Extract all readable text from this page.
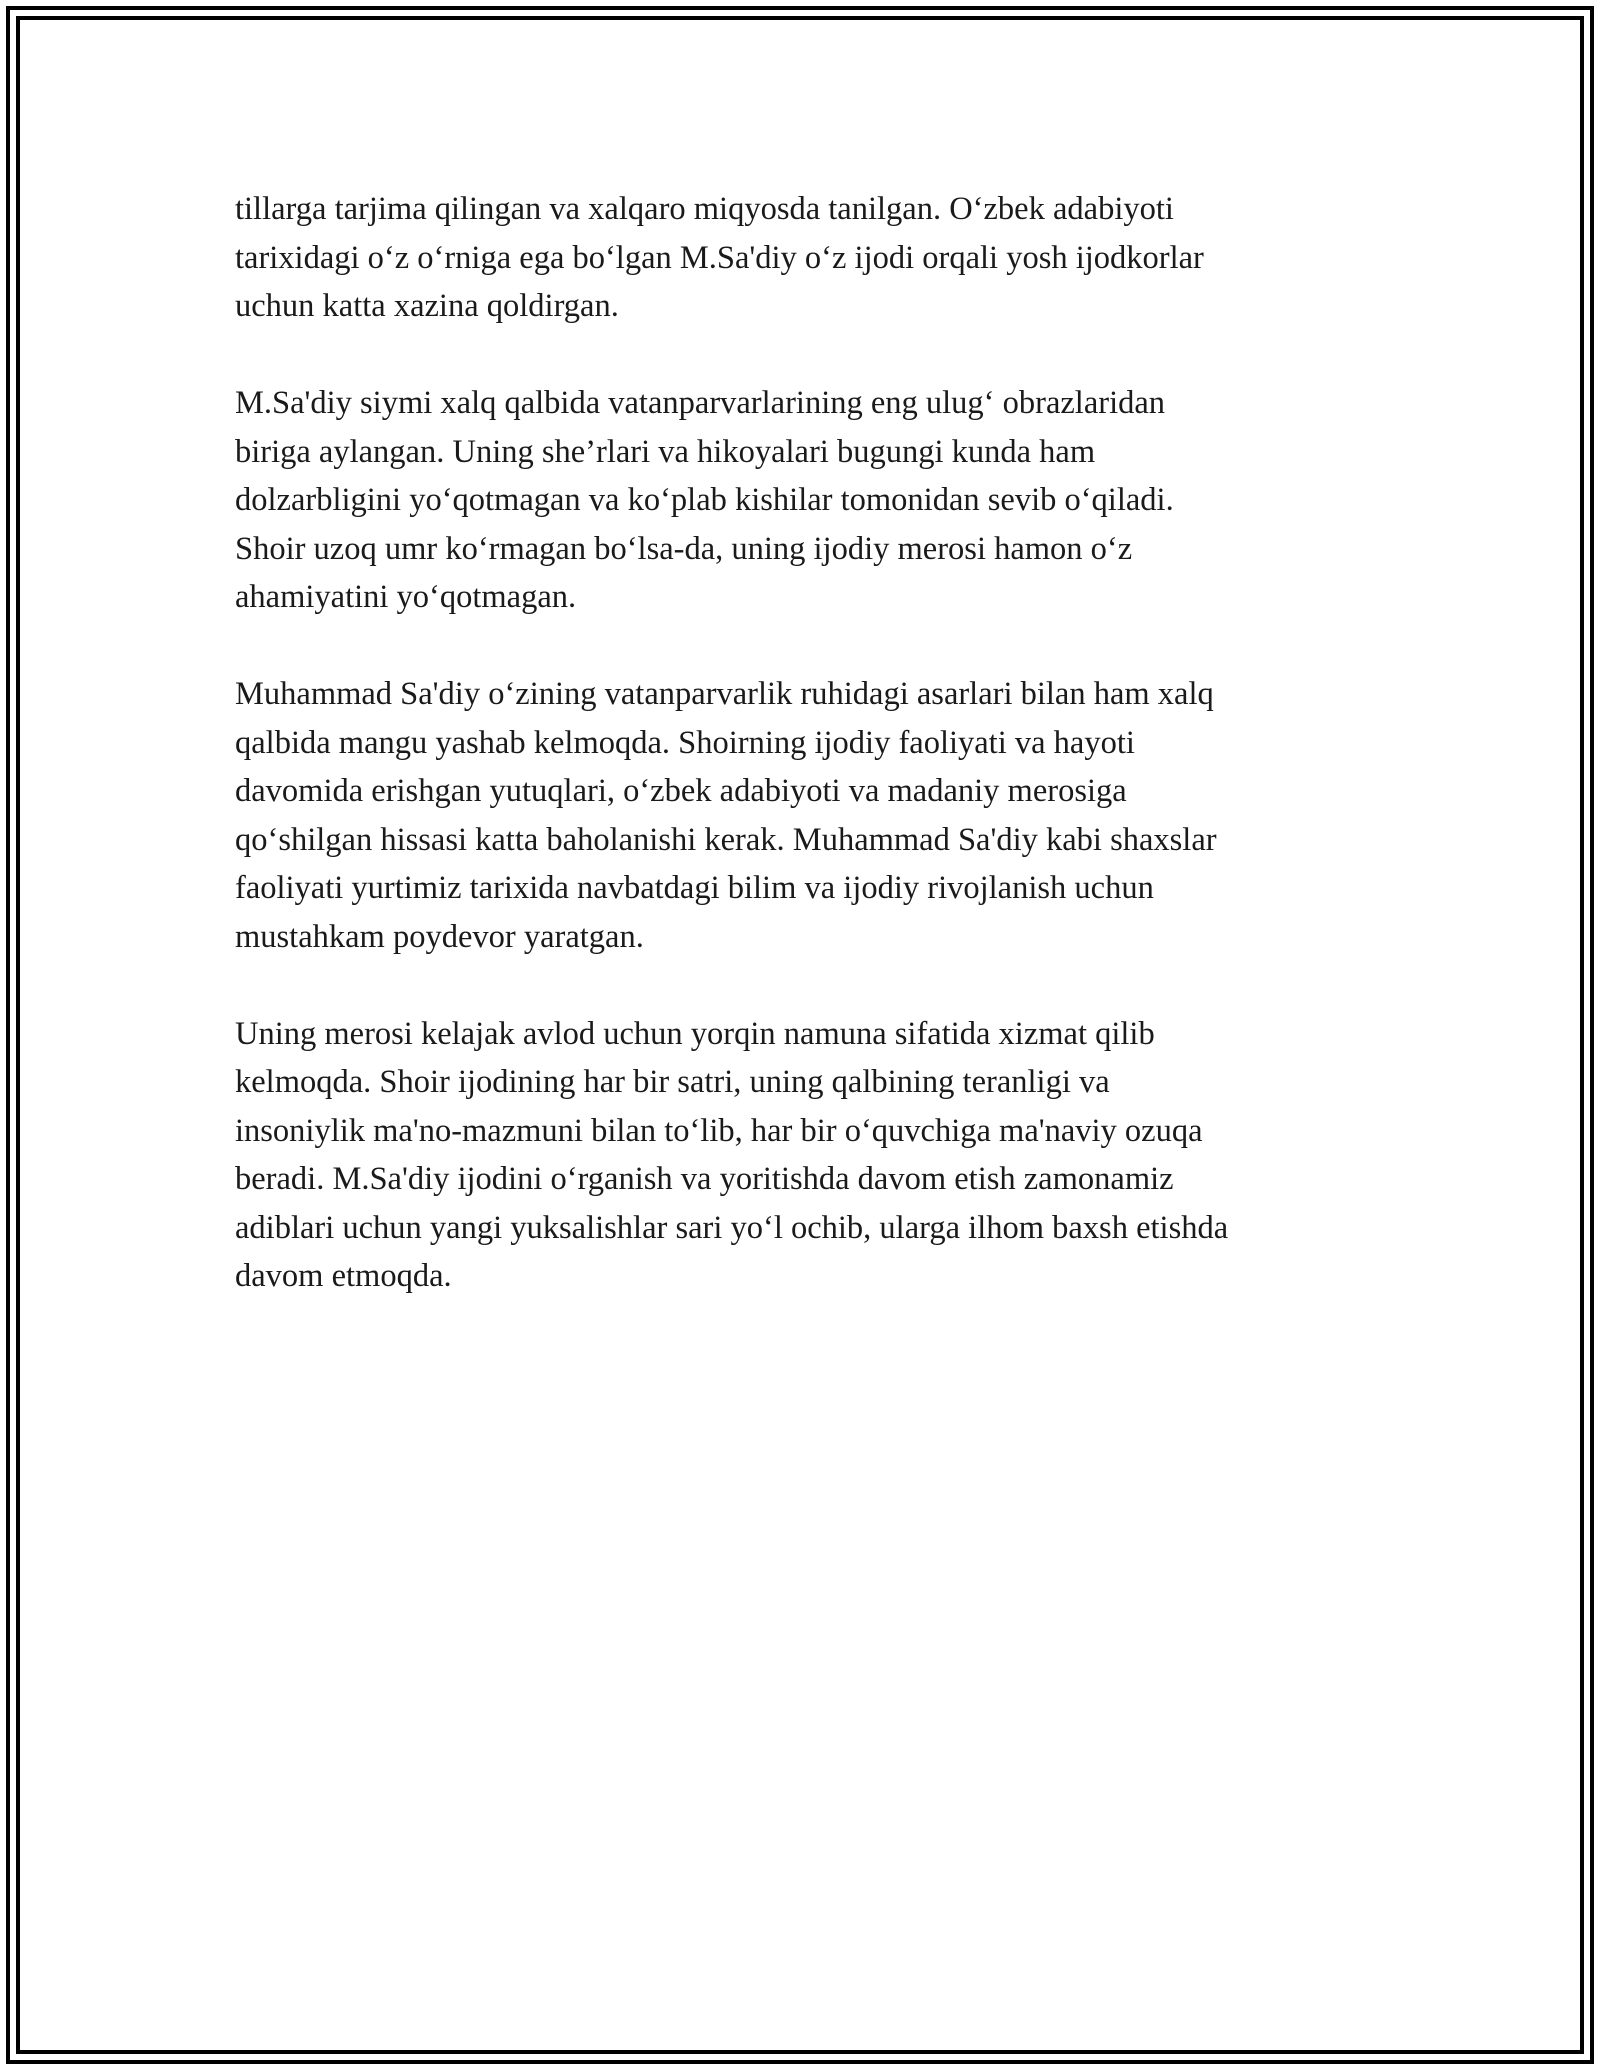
tillarga tarjima qilingan va xalqaro miqyosda tanilgan. O‘zbek adabiyoti
tarixidagi o‘z o‘rniga ega bo‘lgan M.Sa'diy o‘z ijodi orqali yosh ijodkorlar
uchun katta xazina qoldirgan.

M.Sa'diy siymi xalq qalbida vatanparvarlarining eng ulug‘ obrazlaridan
biriga aylangan. Uning she’rlari va hikoyalari bugungi kunda ham
dolzarbligini yo‘qotmagan va ko‘plab kishilar tomonidan sevib o‘qiladi.
Shoir uzoq umr ko‘rmagan bo‘lsa-da, uning ijodiy merosi hamon o‘z
ahamiyatini yo‘qotmagan.

Muhammad Sa'diy o‘zining vatanparvarlik ruhidagi asarlari bilan ham xalq
qalbida mangu yashab kelmoqda. Shoirning ijodiy faoliyati va hayoti
davomida erishgan yutuqlari, o‘zbek adabiyoti va madaniy merosiga
qo‘shilgan hissasi katta baholanishi kerak. Muhammad Sa'diy kabi shaxslar
faoliyati yurtimiz tarixida navbatdagi bilim va ijodiy rivojlanish uchun
mustahkam poydevor yaratgan.

Uning merosi kelajak avlod uchun yorqin namuna sifatida xizmat qilib
kelmoqda. Shoir ijodining har bir satri, uning qalbining teranligi va
insoniylik ma'no-mazmuni bilan to‘lib, har bir o‘quvchiga ma'naviy ozuqa
beradi. M.Sa'diy ijodini o‘rganish va yoritishda davom etish zamonamiz
adiblari uchun yangi yuksalishlar sari yo‘l ochib, ularga ilhom baxsh etishda
davom etmoqda.
